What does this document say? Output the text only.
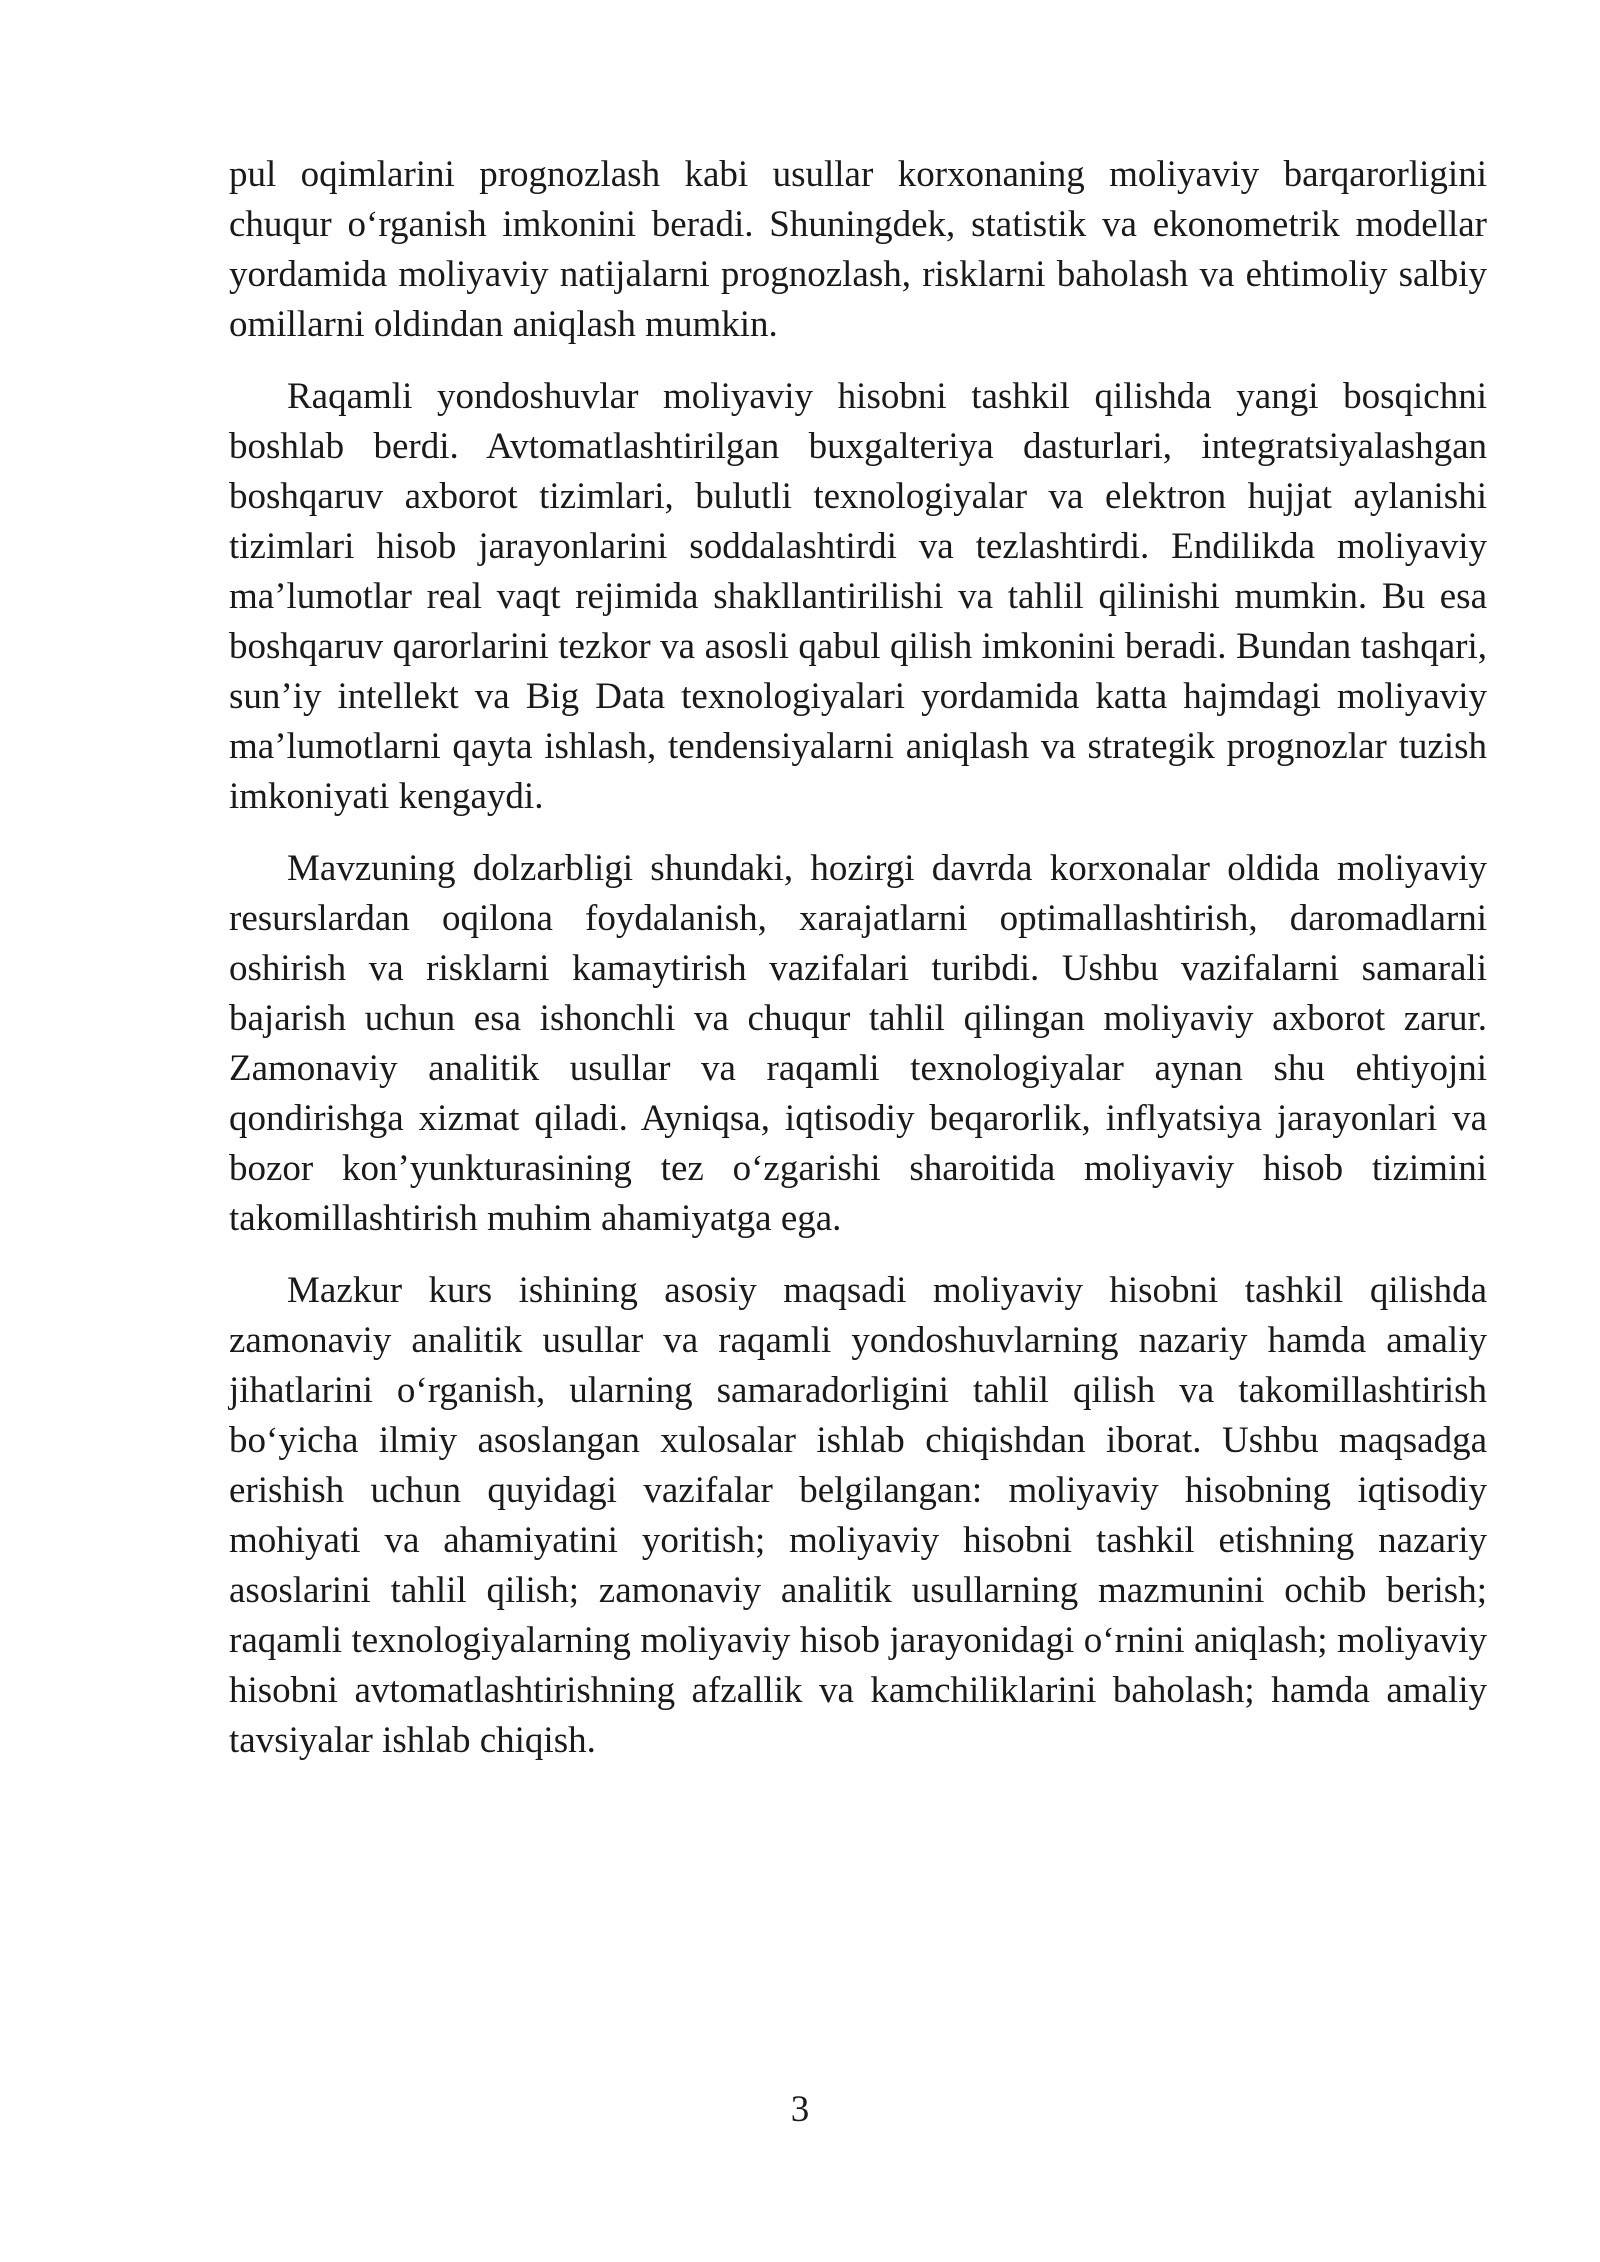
pul oqimlarini prognozlash kabi usullar korxonaning moliyaviy barqarorligini chuqur o‘rganish imkonini beradi. Shuningdek, statistik va ekonometrik modellar yordamida moliyaviy natijalarni prognozlash, risklarni baholash va ehtimoliy salbiy omillarni oldindan aniqlash mumkin.

Raqamli yondoshuvlar moliyaviy hisobni tashkil qilishda yangi bosqichni boshlab berdi. Avtomatlashtirilgan buxgalteriya dasturlari, integratsiyalashgan boshqaruv axborot tizimlari, bulutli texnologiyalar va elektron hujjat aylanishi tizimlari hisob jarayonlarini soddalashtirdi va tezlashtirdi. Endilikda moliyaviy ma’lumotlar real vaqt rejimida shakllantirilishi va tahlil qilinishi mumkin. Bu esa boshqaruv qarorlarini tezkor va asosli qabul qilish imkonini beradi. Bundan tashqari, sun’iy intellekt va Big Data texnologiyalari yordamida katta hajmdagi moliyaviy ma’lumotlarni qayta ishlash, tendensiyalarni aniqlash va strategik prognozlar tuzish imkoniyati kengaydi.

Mavzuning dolzarbligi shundaki, hozirgi davrda korxonalar oldida moliyaviy resurslardan oqilona foydalanish, xarajatlarni optimallashtirish, daromadlarni oshirish va risklarni kamaytirish vazifalari turibdi. Ushbu vazifalarni samarali bajarish uchun esa ishonchli va chuqur tahlil qilingan moliyaviy axborot zarur. Zamonaviy analitik usullar va raqamli texnologiyalar aynan shu ehtiyojni qondirishga xizmat qiladi. Ayniqsa, iqtisodiy beqarorlik, inflyatsiya jarayonlari va bozor kon’yunkturasining tez o‘zgarishi sharoitida moliyaviy hisob tizimini takomillashtirish muhim ahamiyatga ega.

Mazkur kurs ishining asosiy maqsadi moliyaviy hisobni tashkil qilishda zamonaviy analitik usullar va raqamli yondoshuvlarning nazariy hamda amaliy jihatlarini o‘rganish, ularning samaradorligini tahlil qilish va takomillashtirish bo‘yicha ilmiy asoslangan xulosalar ishlab chiqishdan iborat. Ushbu maqsadga erishish uchun quyidagi vazifalar belgilangan: moliyaviy hisobning iqtisodiy mohiyati va ahamiyatini yoritish; moliyaviy hisobni tashkil etishning nazariy asoslarini tahlil qilish; zamonaviy analitik usullarning mazmunini ochib berish; raqamli texnologiyalarning moliyaviy hisob jarayonidagi o‘rnini aniqlash; moliyaviy hisobni avtomatlashtirishning afzallik va kamchiliklarini baholash; hamda amaliy tavsiyalar ishlab chiqish.

3
